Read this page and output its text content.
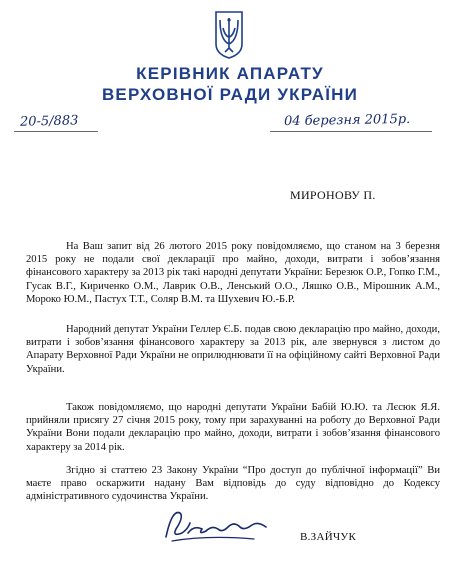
КЕРІВНИК АПАРАТУ
ВЕРХОВНОЇ РАДИ УКРАЇНИ
20-5/883	04 березня 2015р.
МИРОНОВУ П.

На Ваш запит від 26 лютого 2015 року повідомляємо, що станом на 3 березня 2015 року не подали свої декларації про майно, доходи, витрати і зобов’язання фінансового характеру за 2013 рік такі народні депутати України: Березюк О.Р., Гопко Г.М., Гусак В.Г., Кириченко О.М., Лаврик О.В., Ленський О.О., Ляшко О.В., Мірошник А.М., Мороко Ю.М., Пастух Т.Т., Соляр В.М. та Шухевич Ю.-Б.Р.

Народний депутат України Геллер Є.Б. подав свою декларацію про майно, доходи, витрати і зобов’язання фінансового характеру за 2013 рік, але звернувся з листом до Апарату Верховної Ради України не оприлюднювати її на офіційному сайті Верховної Ради України.

Також повідомляємо, що народні депутати України Бабій Ю.Ю. та Лєсюк Я.Я. прийняли присягу 27 січня 2015 року, тому при зарахуванні на роботу до Верховної Ради України Вони подали декларацію про майно, доходи, витрати і зобов’язання фінансового характеру за 2014 рік.

Згідно зі статтею 23 Закону України “Про доступ до публічної інформації” Ви маєте право оскаржити надану Вам відповідь до суду відповідно до Кодексу адміністративного судочинства України.

В.ЗАЙЧУК
